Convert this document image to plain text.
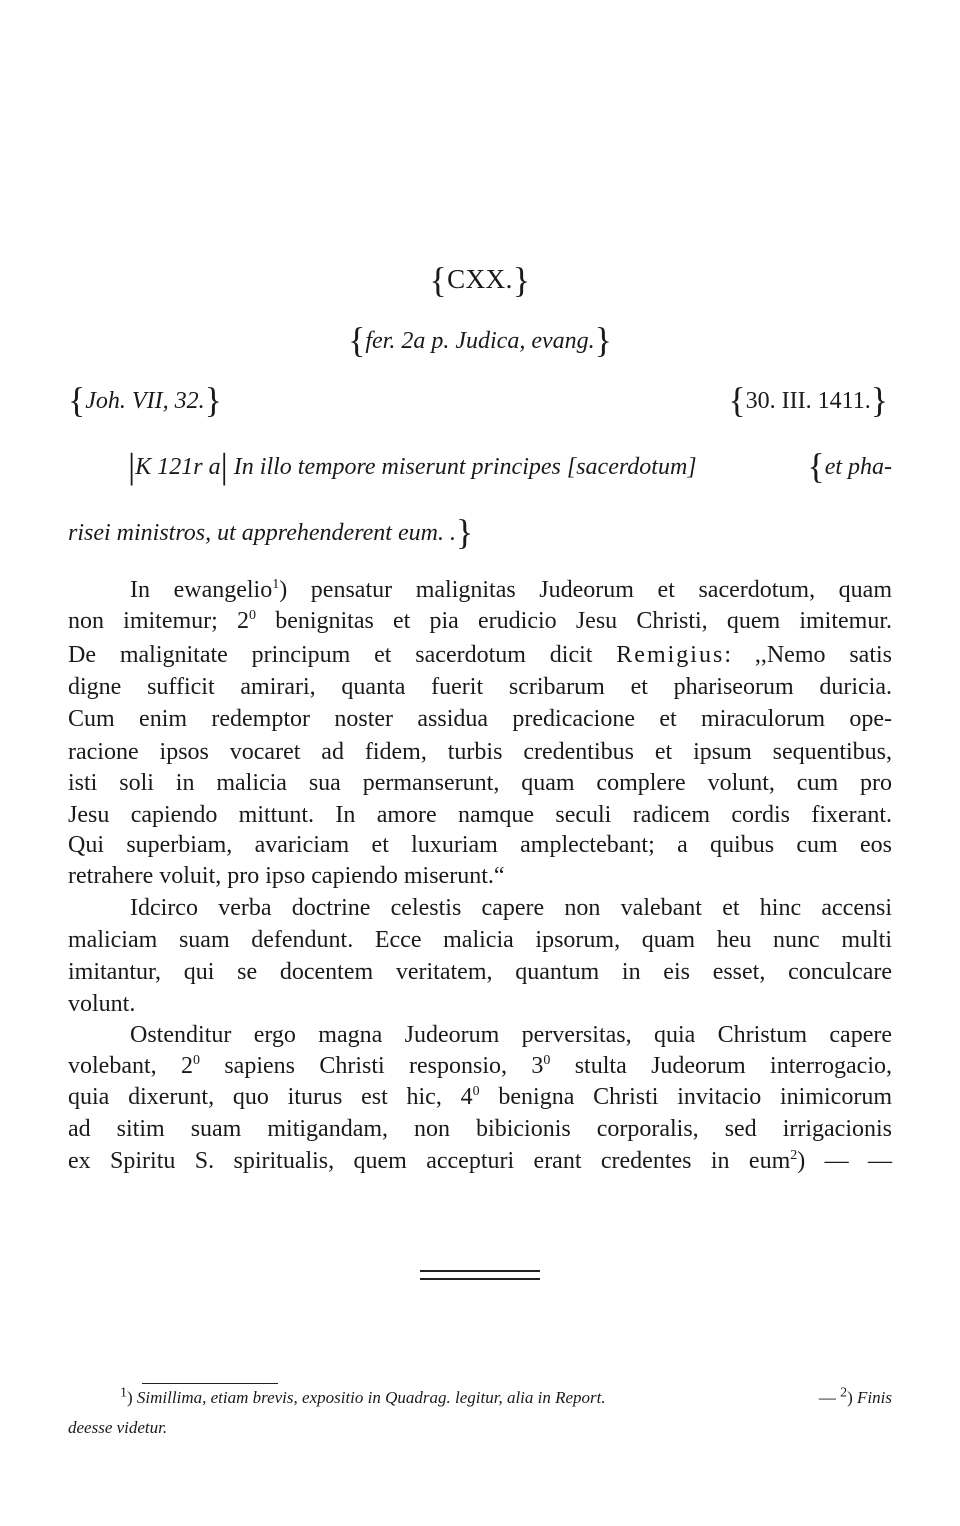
{CXX.}
{fer. 2a p. Judica, evang.}
{Joh. VII, 32.}	{30. III. 1411.}
|K 121r a| In illo tempore miserunt principes [sacerdotum]	{et pha-
risei ministros, ut apprehenderent eum. .}
In ewangelio$^1$) pensatur malignitas Judeorum et sacerdotum, quam
non imitemur; $2^0$ benignitas et pia erudicio Jesu Christi, quem imitemur.
De malignitate principum et sacerdotum dicit Remigius: ,,Nemo satis
digne sufficit amirari, quanta fuerit scribarum et phariseorum duricia.
Cum enim redemptor noster assidua predicacione et miraculorum ope-
racione ipsos vocaret ad fidem, turbis credentibus et ipsum sequentibus,
isti soli in malicia sua permanserunt, quam complere volunt, cum pro
Jesu capiendo mittunt. In amore namque seculi radicem cordis fixerant.
Qui superbiam, avariciam et luxuriam amplectebant; a quibus cum eos
retrahere voluit, pro ipso capiendo miserunt.“
Idcirco verba doctrine celestis capere non valebant et hinc accensi
maliciam suam defendunt. Ecce malicia ipsorum, quam heu nunc multi
imitantur, qui se docentem veritatem, quantum in eis esset, conculcare
volunt.
Ostenditur ergo magna Judeorum perversitas, quia Christum capere
volebant, $2^0$ sapiens Christi responsio, $3^0$ stulta Judeorum interrogacio,
quia dixerunt, quo iturus est hic, $4^0$ benigna Christi invitacio inimicorum
ad sitim suam mitigandam, non bibicionis corporalis, sed irrigacionis
ex Spiritu S. spiritualis, quem accepturi erant credentes in eum$^2$) — —
$^1$) Simillima, etiam brevis, expositio in Quadrag. legitur, alia in Report.	— $^2$) Finis
deesse videtur.
